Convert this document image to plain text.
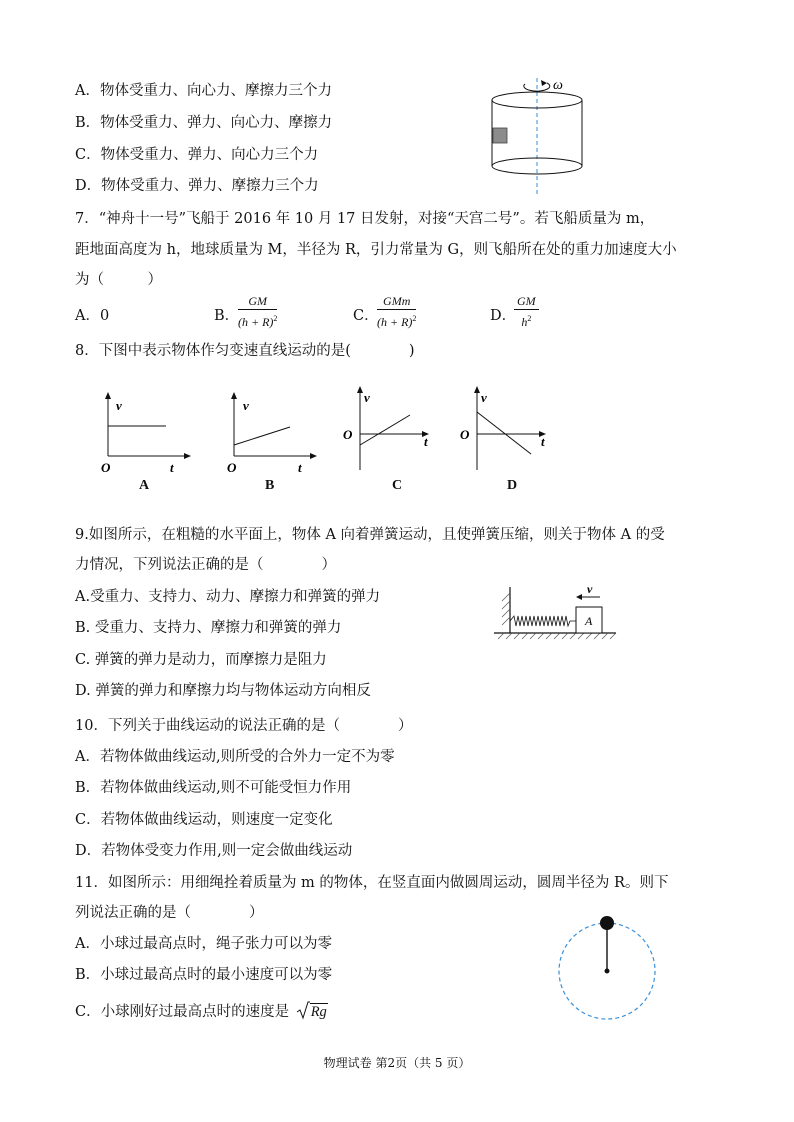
A．物体受重力、向心力、摩擦力三个力
B．物体受重力、弹力、向心力、摩擦力
C．物体受重力、弹力、向心力三个力
D．物体受重力、弹力、摩擦力三个力
ω
7．“神舟十一号”飞船于 2016 年 10 月 17 日发射，对接“天宫二号”。若飞船质量为 m，
距地面高度为 h，地球质量为 M，半径为 R，引力常量为 G，则飞船所在处的重力加速度大小
为（　　　）
A．0	B．
$\frac{GM}{(h + R)^2}$	C．
GMm
$(h + R)^2$	D．
$\frac{GM}{h^2}$
8．下图中表示物体作匀变速直线运动的是(　　　　)
v
t
O
A
v
t
O
B
v
t
O
C
v
t
O
D
9.如图所示，在粗糙的水平面上，物体 A 向着弹簧运动，且使弹簧压缩，则关于物体 A 的受
力情况，下列说法正确的是（　　　　）
A.受重力、支持力、动力、摩擦力和弹簧的弹力
B. 受重力、支持力、摩擦力和弹簧的弹力
C. 弹簧的弹力是动力，而摩擦力是阻力
D. 弹簧的弹力和摩擦力均与物体运动方向相反
A
v
10．下列关于曲线运动的说法正确的是（　　　　）
A．若物体做曲线运动,则所受的合外力一定不为零
B．若物体做曲线运动,则不可能受恒力作用
C．若物体做曲线运动，则速度一定变化
D．若物体受变力作用,则一定会做曲线运动
11．如图所示：用细绳拴着质量为 m 的物体，在竖直面内做圆周运动，圆周半径为 R。则下
列说法正确的是（　　　　）
A．小球过最高点时，绳子张力可以为零
B．小球过最高点时的最小速度可以为零
C．小球刚好过最高点时的速度是 Rg
物理试卷 第2页（共 5 页）
